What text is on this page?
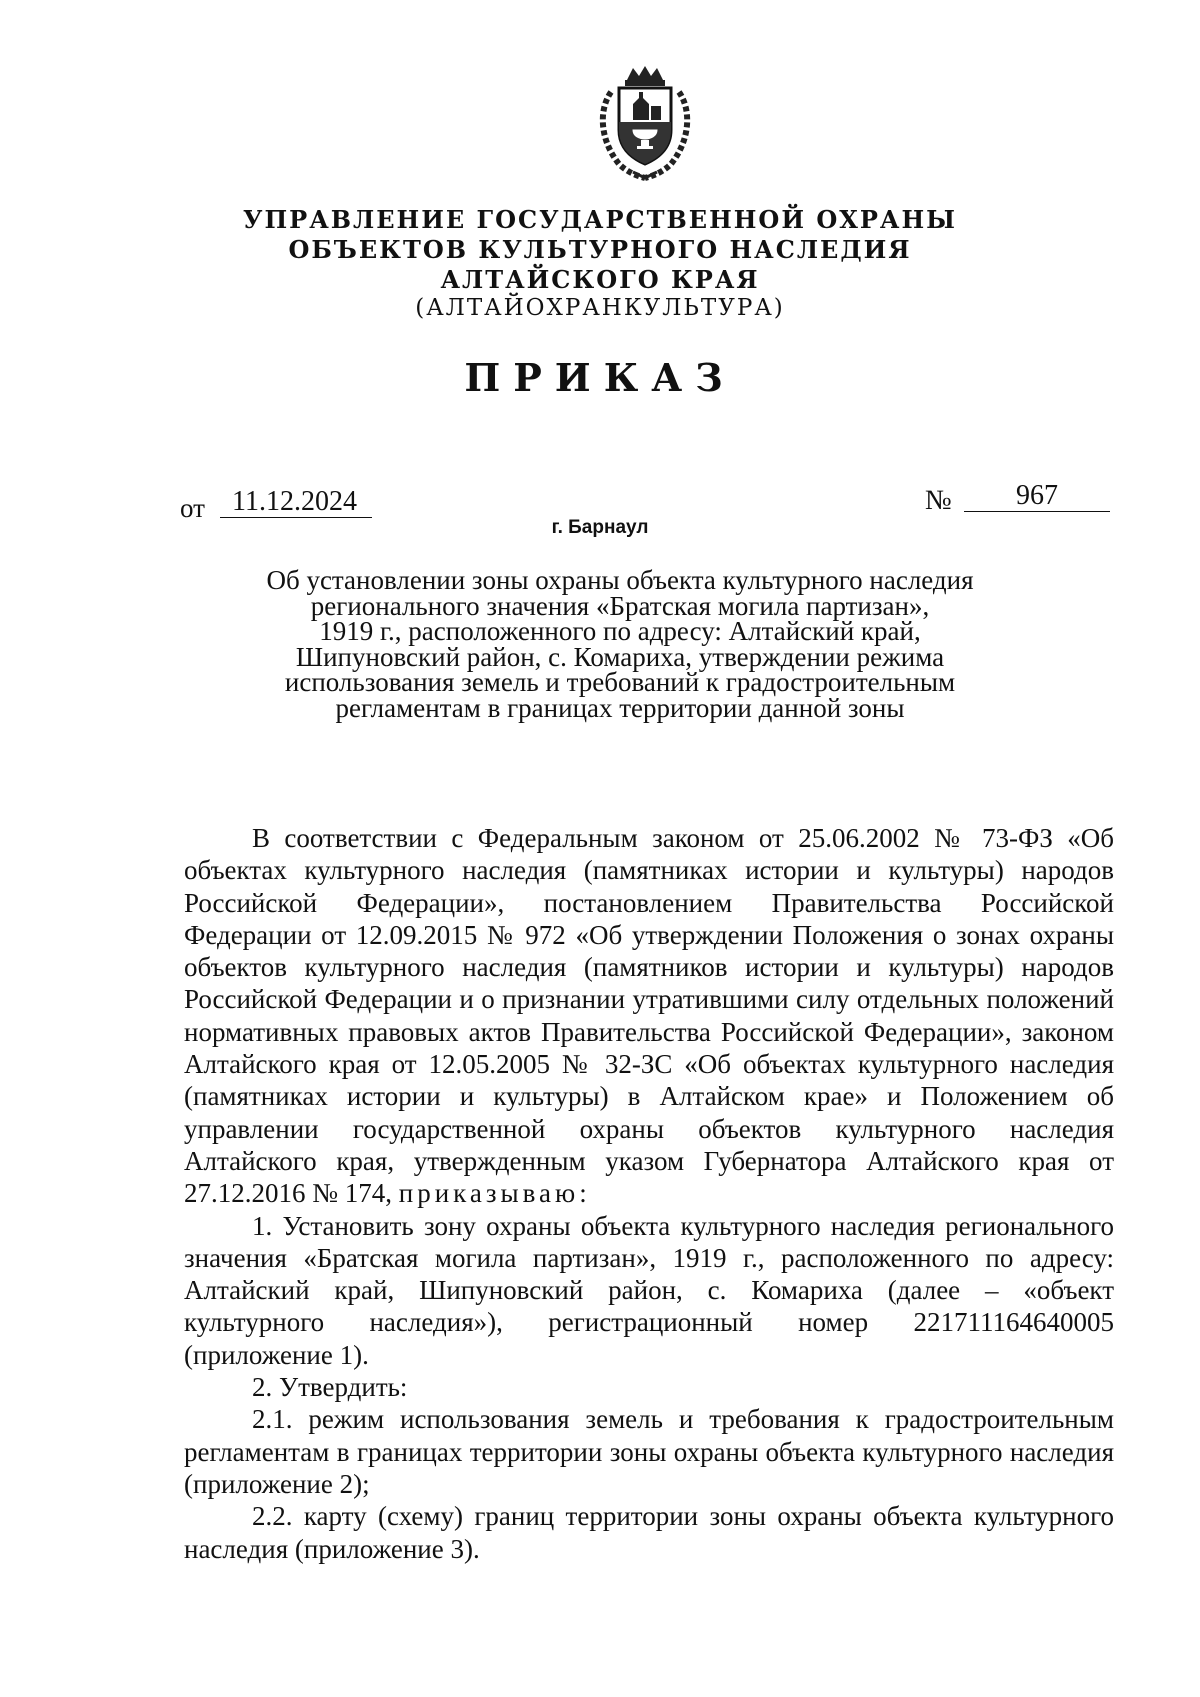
УПРАВЛЕНИЕ ГОСУДАРСТВЕННОЙ ОХРАНЫ
ОБЪЕКТОВ КУЛЬТУРНОГО НАСЛЕДИЯ
АЛТАЙСКОГО КРАЯ
(АЛТАЙОХРАНКУЛЬТУРА)
ПРИКАЗ
от 11.12.2024	№	967
г. Барнаул
Об установлении зоны охраны объекта культурного наследия
регионального значения «Братская могила партизан»,
1919 г., расположенного по адресу: Алтайский край,
Шипуновский район, с. Комариха, утверждении режима
использования земель и требований к градостроительным
регламентам в границах территории данной зоны

В соответствии с Федеральным законом от 25.06.2002 № 73-ФЗ «Об объектах культурного наследия (памятниках истории и культуры) народов Российской Федерации», постановлением Правительства Российской Федерации от 12.09.2015 № 972 «Об утверждении Положения о зонах охраны объектов культурного наследия (памятников истории и культуры) народов Российской Федерации и о признании утратившими силу отдельных положений нормативных правовых актов Правительства Российской Федерации», законом Алтайского края от 12.05.2005 № 32-ЗС «Об объектах культурного наследия (памятниках истории и культуры) в Алтайском крае» и Положением об управлении государственной охраны объектов культурного наследия Алтайского края, утвержденным указом Губернатора Алтайского края от 27.12.2016 № 174, приказываю:

1. Установить зону охраны объекта культурного наследия регионального значения «Братская могила партизан», 1919 г., расположенного по адресу: Алтайский край, Шипуновский район, с. Комариха (далее – «объект культурного наследия»), регистрационный номер 221711164640005 (приложение 1).

2. Утвердить:

2.1. режим использования земель и требования к градостроительным регламентам в границах территории зоны охраны объекта культурного наследия (приложение 2);

2.2. карту (схему) границ территории зоны охраны объекта культурного наследия (приложение 3).
